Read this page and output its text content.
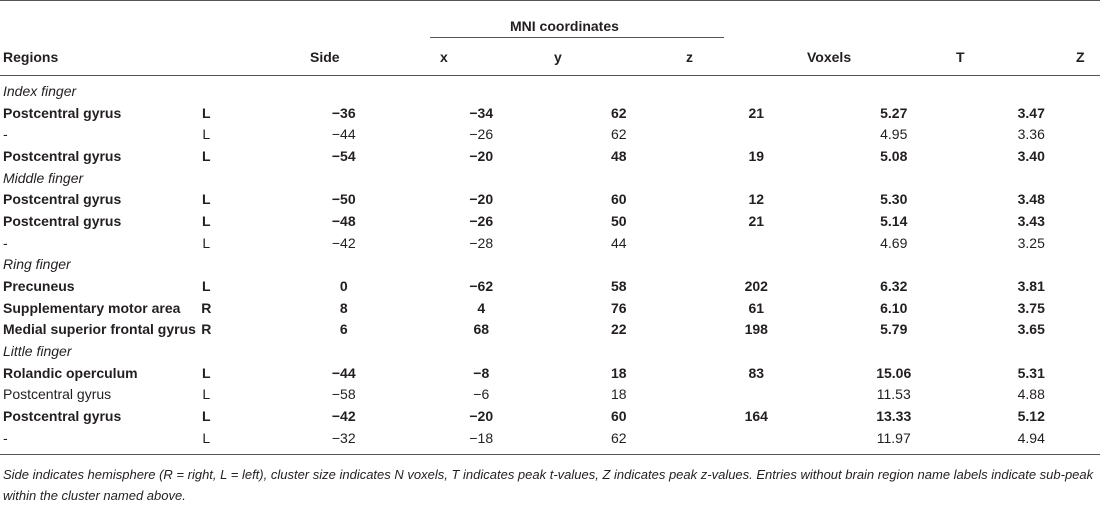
MNI coordinates
Regions	Side	x	y	z	Voxels	T	Z
Index finger							
Postcentral gyrus	L	−36	−34	62	21	5.27	3.47
-	L	−44	−26	62		4.95	3.36
Postcentral gyrus	L	−54	−20	48	19	5.08	3.40
Middle finger							
Postcentral gyrus	L	−50	−20	60	12	5.30	3.48
Postcentral gyrus	L	−48	−26	50	21	5.14	3.43
-	L	−42	−28	44		4.69	3.25
Ring finger							
Precuneus	L	0	−62	58	202	6.32	3.81
Supplementary motor area	R	8	4	76	61	6.10	3.75
Medial superior frontal gyrus	R	6	68	22	198	5.79	3.65
Little finger							
Rolandic operculum	L	−44	−8	18	83	15.06	5.31
Postcentral gyrus	L	−58	−6	18		11.53	4.88
Postcentral gyrus	L	−42	−20	60	164	13.33	5.12
-	L	−32	−18	62		11.97	4.94
Side indicates hemisphere (R = right, L = left), cluster size indicates N voxels, T indicates peak t-values, Z indicates peak z-values. Entries without brain region name labels indicate sub-peak within the cluster named above.
